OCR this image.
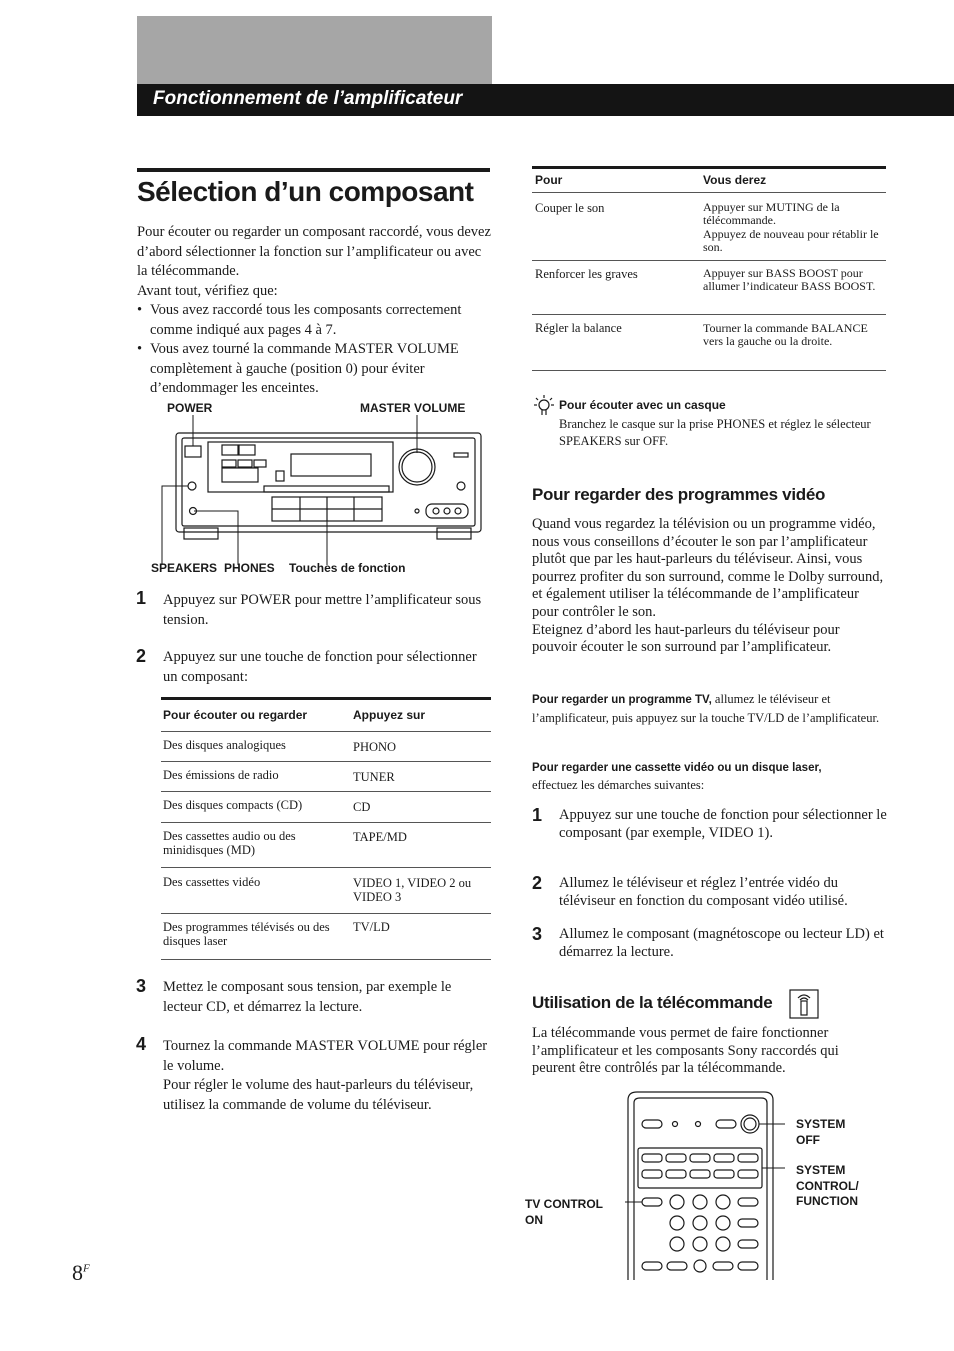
Fonctionnement de l’amplificateur
Sélection d’un composant
Pour écouter ou regarder un composant raccordé, vous devez d’abord sélectionner la fonction sur l’amplificateur ou avec la télécommande.
Avant tout, vérifiez que:
• Vous avez raccordé tous les composants correctement comme indiqué aux pages 4 à 7.
• Vous avez tourné la commande MASTER VOLUME complètement à gauche (position 0) pour éviter d’endommager les enceintes.
POWER	MASTER VOLUME
SPEAKERS PHONES Touches de fonction
1 Appuyez sur POWER pour mettre l’amplificateur sous tension.
2 Appuyez sur une touche de fonction pour sélectionner un composant:
Pour écouter ou regarder	Appuyez sur
Des disques analogiques	PHONO
Des émissions de radio	TUNER
Des disques compacts (CD)	CD
Des cassettes audio ou des minidisques (MD)	TAPE/MD
Des cassettes vidéo	VIDEO 1, VIDEO 2 ou VIDEO 3
Des programmes télévisés ou des disques laser	TV/LD
3 Mettez le composant sous tension, par exemple le lecteur CD, et démarrez la lecture.
4 Tournez la commande MASTER VOLUME pour régler le volume.
Pour régler le volume des haut-parleurs du téléviseur, utilisez la commande de volume du téléviseur.
Pour	Vous derez
Couper le son	Appuyer sur MUTING de la télécommande.
Appuyez de nouveau pour rétablir le son.
Renforcer les graves	Appuyer sur BASS BOOST pour allumer l’indicateur BASS BOOST.
Régler la balance	Tourner la commande BALANCE vers la gauche ou la droite.
Pour écouter avec un casque
Branchez le casque sur la prise PHONES et réglez le sélecteur SPEAKERS sur OFF.
Pour regarder des programmes vidéo
Quand vous regardez la télévision ou un programme vidéo, nous vous conseillons d’écouter le son par l’amplificateur plutôt que par les haut-parleurs du téléviseur. Ainsi, vous pourrez profiter du son surround, comme le Dolby surround, et également utiliser la télécommande de l’amplificateur pour contrôler le son.
Eteignez d’abord les haut-parleurs du téléviseur pour pouvoir écouter le son surround par l’amplificateur.
Pour regarder un programme TV, allumez le téléviseur et l’amplificateur, puis appuyez sur la touche TV/LD de l’amplificateur.
Pour regarder une cassette vidéo ou un disque laser,
effectuez les démarches suivantes:
1 Appuyez sur une touche de fonction pour sélectionner le composant (par exemple, VIDEO 1).
2 Allumez le téléviseur et réglez l’entrée vidéo du téléviseur en fonction du composant vidéo utilisé.
3 Allumez le composant (magnétoscope ou lecteur LD) et démarrez la lecture.
Utilisation de la télécommande
La télécommande vous permet de faire fonctionner l’amplificateur et les composants Sony raccordés qui peurent être contrôlés par la télécommande.
SYSTEM
OFF
SYSTEM
CONTROL/
FUNCTION
TV CONTROL
ON
$8^F$
